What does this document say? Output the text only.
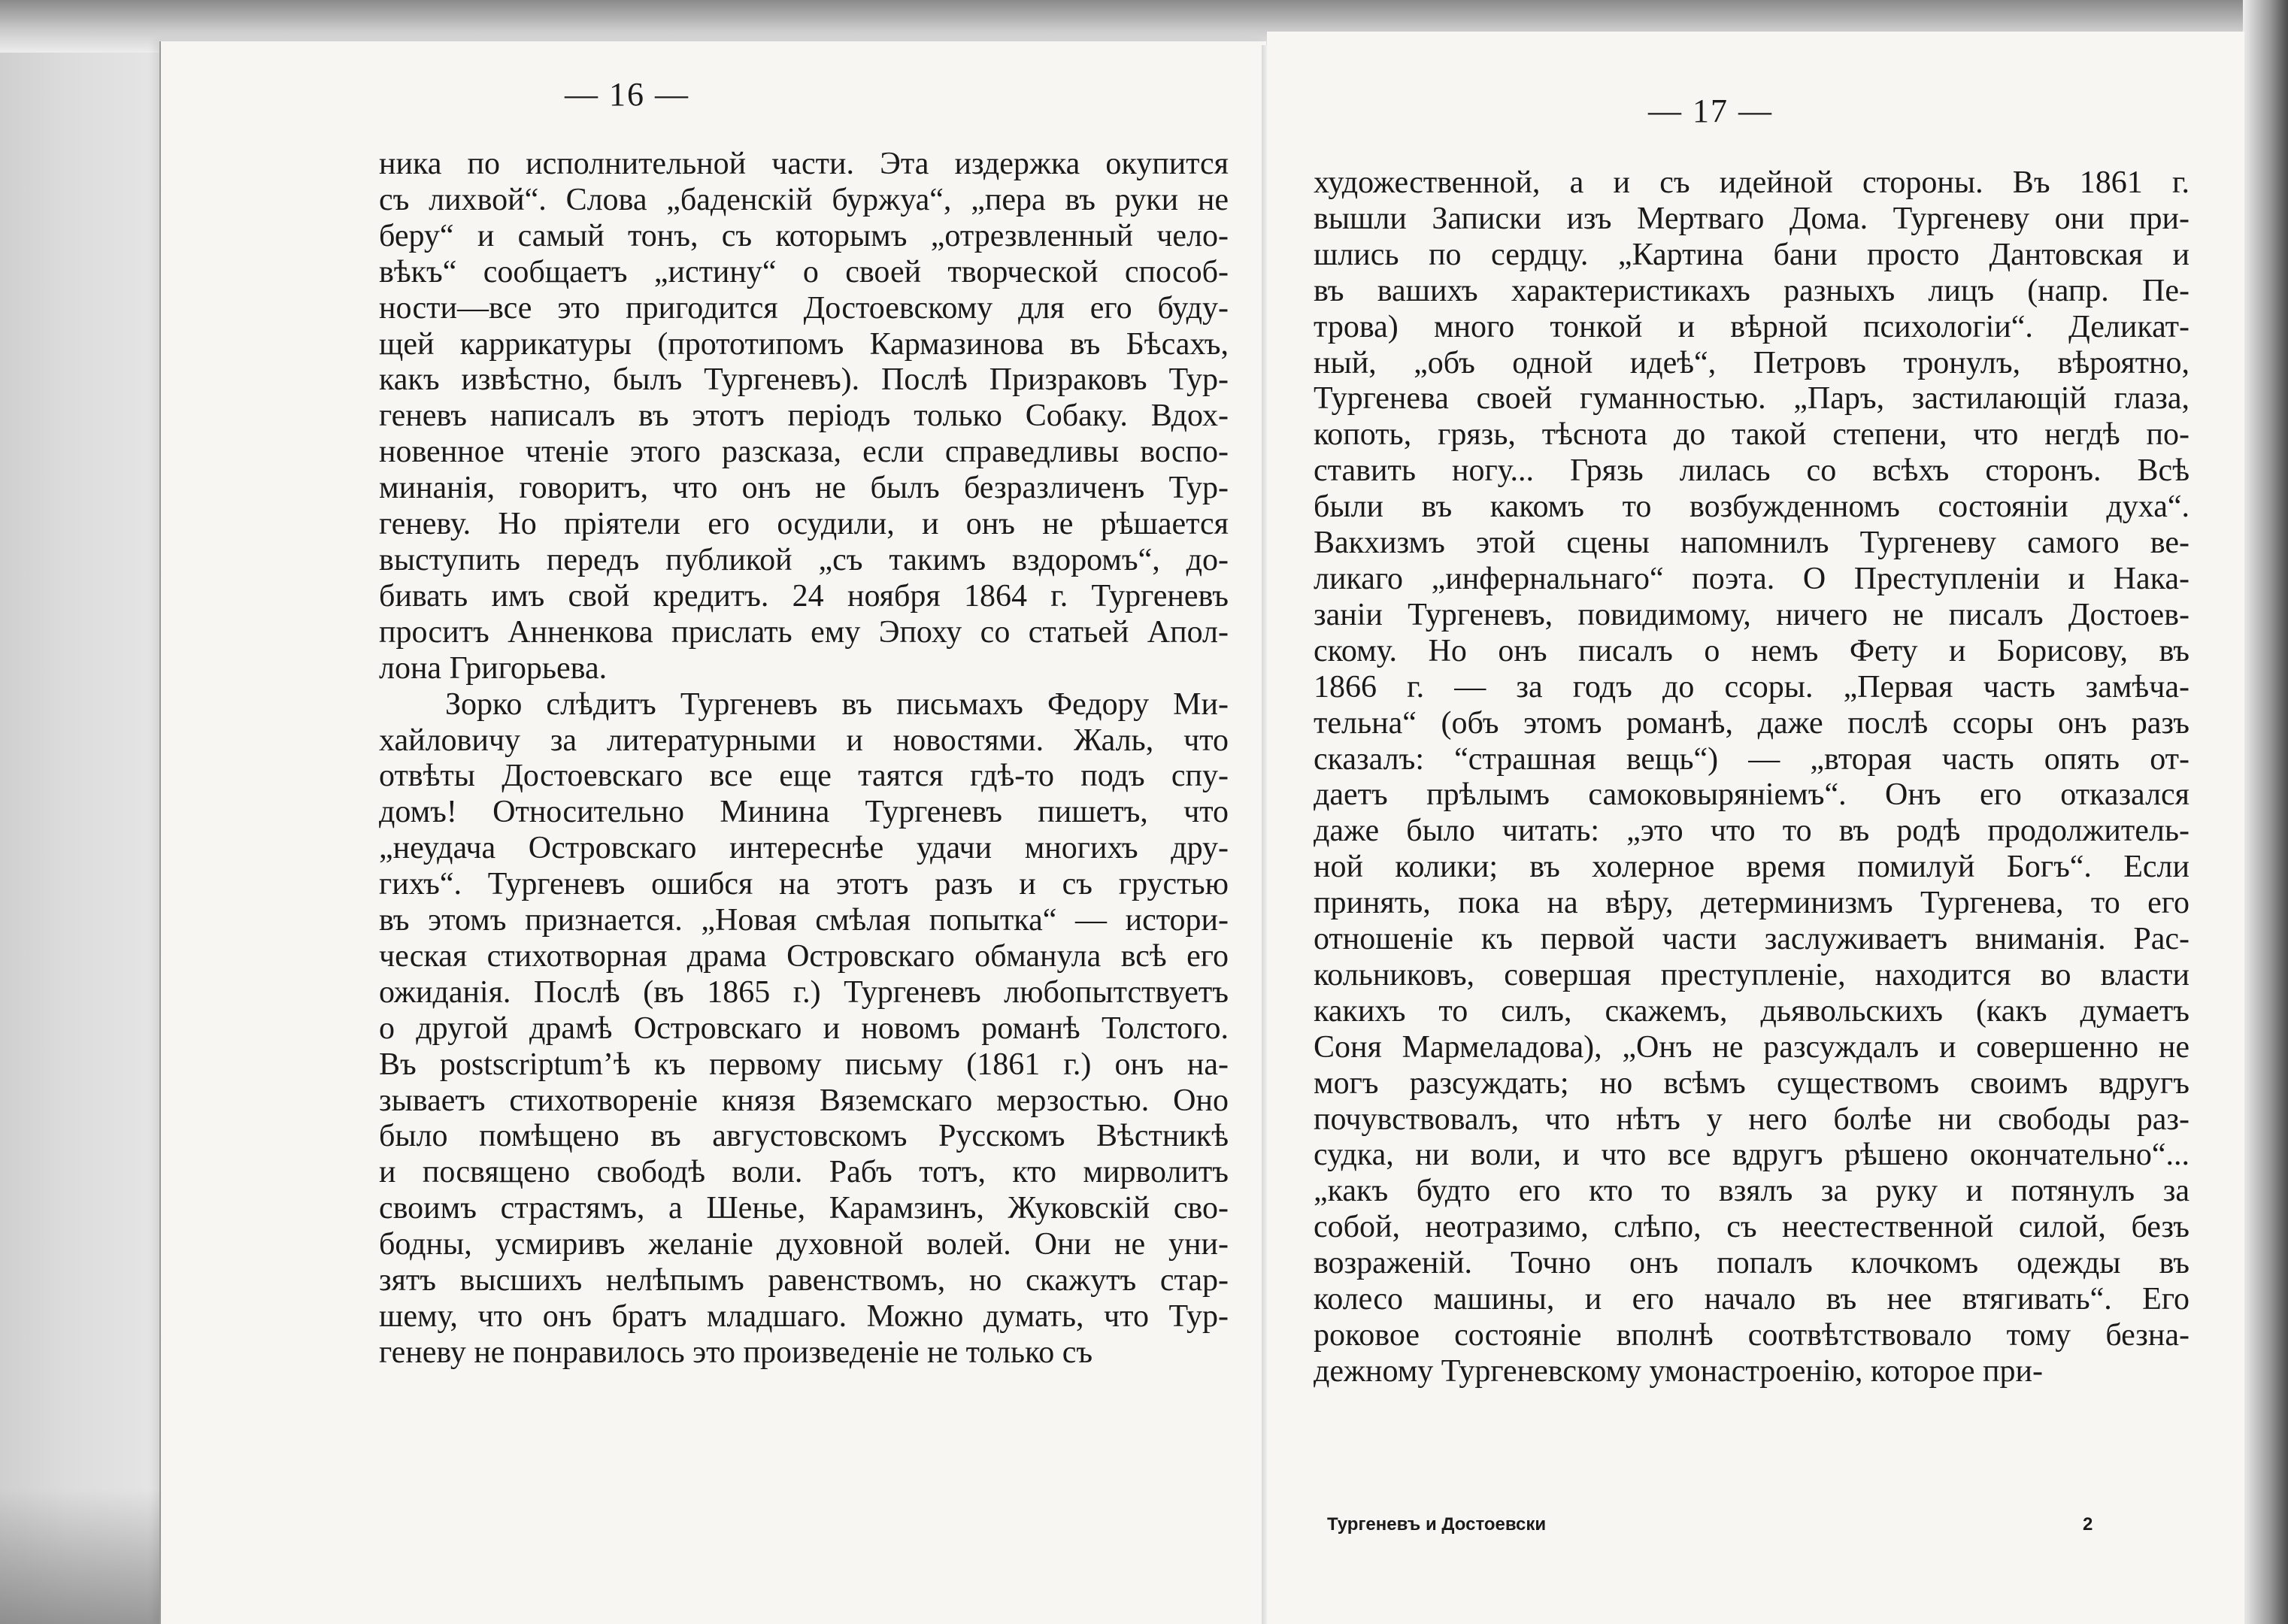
— 16 —
ника по исполнительной части. Эта издержка окупится
съ лихвой“. Слова „баденскій буржуа“, „пера въ руки не
беру“ и самый тонъ, съ которымъ „отрезвленный чело-
вѣкъ“ сообщаетъ „истину“ о своей творческой способ-
ности—все это пригодится Достоевскому для его буду-
щей каррикатуры (прототипомъ Кармазинова въ Бѣсахъ,
какъ извѣстно, былъ Тургеневъ). Послѣ Призраковъ Тур-
геневъ написалъ въ этотъ періодъ только Собаку. Вдох-
новенное чтеніе этого разсказа, если справедливы воспо-
минанія, говоритъ, что онъ не былъ безразличенъ Тур-
геневу. Но пріятели его осудили, и онъ не рѣшается
выступить передъ публикой „съ такимъ вздоромъ“, до-
бивать имъ свой кредитъ. 24 ноября 1864 г. Тургеневъ
проситъ Анненкова прислать ему Эпоху со статьей Апол-
лона Григорьева.
Зорко слѣдитъ Тургеневъ въ письмахъ Федору Ми-
хайловичу за литературными и новостями. Жаль, что
отвѣты Достоевскаго все еще таятся гдѣ-то подъ спу-
домъ! Относительно Минина Тургеневъ пишетъ, что
„неудача Островскаго интереснѣе удачи многихъ дру-
гихъ“. Тургеневъ ошибся на этотъ разъ и съ грустью
въ этомъ признается. „Новая смѣлая попытка“ — истори-
ческая стихотворная драма Островскаго обманула всѣ его
ожиданія. Послѣ (въ 1865 г.) Тургеневъ любопытствуетъ
о другой драмѣ Островскаго и новомъ романѣ Толстого.
Въ postscriptum’ѣ къ первому письму (1861 г.) онъ на-
зываетъ стихотвореніе князя Вяземскаго мерзостью. Оно
было помѣщено въ августовскомъ Русскомъ Вѣстникѣ
и посвящено свободѣ воли. Рабъ тотъ, кто мирволитъ
своимъ страстямъ, а Шенье, Карамзинъ, Жуковскій сво-
бодны, усмиривъ желаніе духовной волей. Они не уни-
зятъ высшихъ нелѣпымъ равенствомъ, но скажутъ стар-
шему, что онъ братъ младшаго. Можно думать, что Тур-
геневу не понравилось это произведеніе не только съ
— 17 —
художественной, а и съ идейной стороны. Въ 1861 г.
вышли Записки изъ Мертваго Дома. Тургеневу они при-
шлись по сердцу. „Картина бани просто Дантовская и
въ вашихъ характеристикахъ разныхъ лицъ (напр. Пе-
трова) много тонкой и вѣрной психологіи“. Деликат-
ный, „объ одной идеѣ“, Петровъ тронулъ, вѣроятно,
Тургенева своей гуманностью. „Паръ, застилающій глаза,
копоть, грязь, тѣснота до такой степени, что негдѣ по-
ставить ногу... Грязь лилась со всѣхъ сторонъ. Всѣ
были въ какомъ то возбужденномъ состояніи духа“.
Вакхизмъ этой сцены напомнилъ Тургеневу самого ве-
ликаго „инфернальнаго“ поэта. О Преступленіи и Нака-
заніи Тургеневъ, повидимому, ничего не писалъ Достоев-
скому. Но онъ писалъ о немъ Фету и Борисову, въ
1866 г. — за годъ до ссоры. „Первая часть замѣча-
тельна“ (объ этомъ романѣ, даже послѣ ссоры онъ разъ
сказалъ: “страшная вещь“) — „вторая часть опять от-
даетъ прѣлымъ самоковыряніемъ“. Онъ его отказался
даже было читать: „это что то въ родѣ продолжитель-
ной колики; въ холерное время помилуй Богъ“. Если
принять, пока на вѣру, детерминизмъ Тургенева, то его
отношеніе къ первой части заслуживаетъ вниманія. Рас-
кольниковъ, совершая преступленіе, находится во власти
какихъ то силъ, скажемъ, дьявольскихъ (какъ думаетъ
Соня Мармеладова), „Онъ не разсуждалъ и совершенно не
могъ разсуждать; но всѣмъ существомъ своимъ вдругъ
почувствовалъ, что нѣтъ у него болѣе ни свободы раз-
судка, ни воли, и что все вдругъ рѣшено окончательно“...
„какъ будто его кто то взялъ за руку и потянулъ за
собой, неотразимо, слѣпо, съ неестественной силой, безъ
возраженій. Точно онъ попалъ клочкомъ одежды въ
колесо машины, и его начало въ нее втягивать“. Его
роковое состояніе вполнѣ соотвѣтствовало тому безна-
дежному Тургеневскому умонастроенію, которое при-
Тургеневъ и Достоевски	2
